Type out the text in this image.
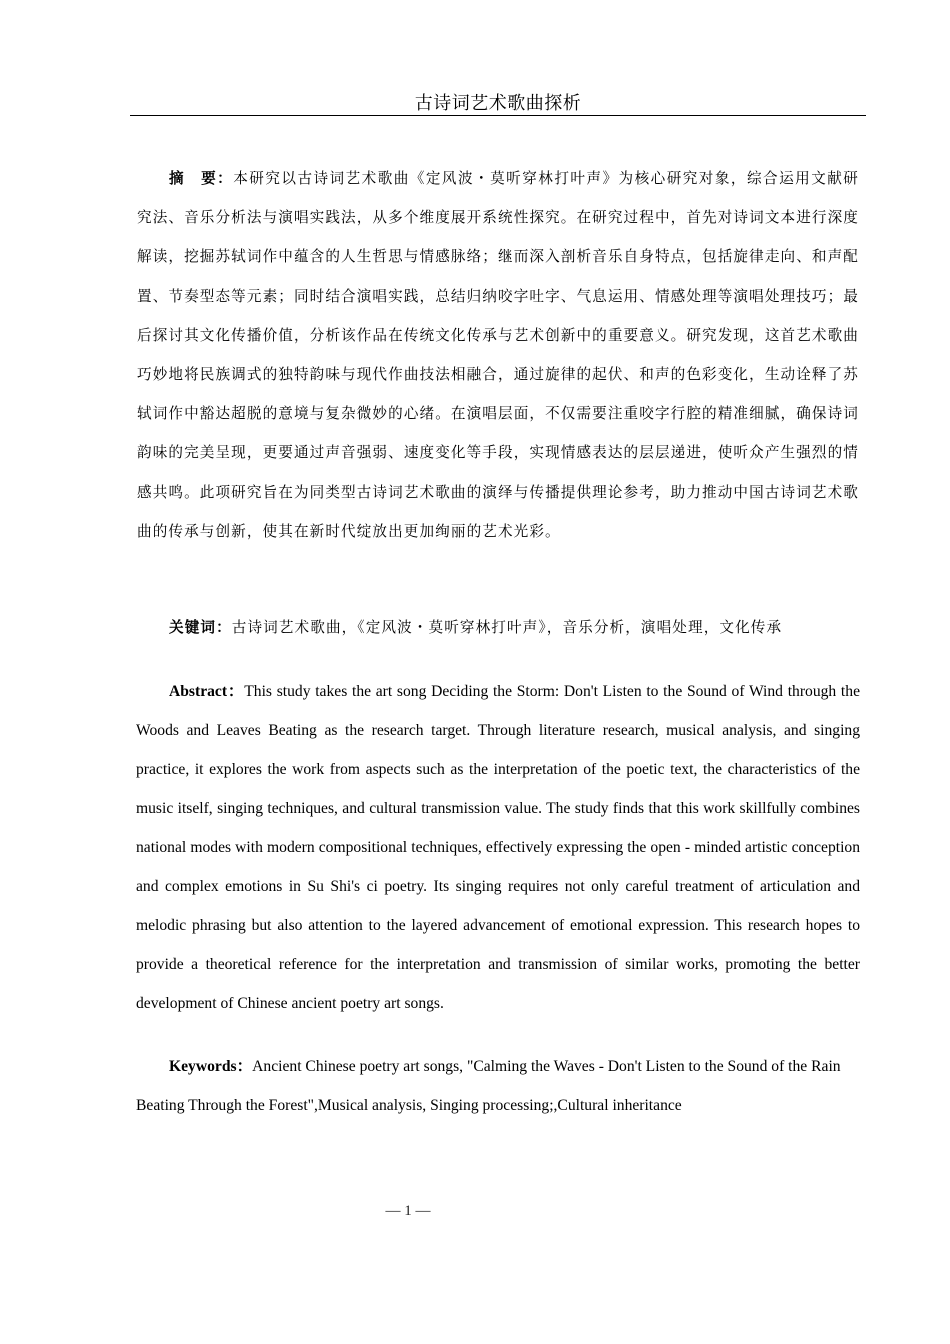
古诗词艺术歌曲探析

摘　要：本研究以古诗词艺术歌曲《定风波・莫听穿林打叶声》为核心研究对象，综合运用文献研究法、音乐分析法与演唱实践法，从多个维度展开系统性探究。在研究过程中，首先对诗词文本进行深度解读，挖掘苏轼词作中蕴含的人生哲思与情感脉络；继而深入剖析音乐自身特点，包括旋律走向、和声配置、节奏型态等元素；同时结合演唱实践，总结归纳咬字吐字、气息运用、情感处理等演唱处理技巧；最后探讨其文化传播价值，分析该作品在传统文化传承与艺术创新中的重要意义。研究发现，这首艺术歌曲巧妙地将民族调式的独特韵味与现代作曲技法相融合，通过旋律的起伏、和声的色彩变化，生动诠释了苏轼词作中豁达超脱的意境与复杂微妙的心绪。在演唱层面，不仅需要注重咬字行腔的精准细腻，确保诗词韵味的完美呈现，更要通过声音强弱、速度变化等手段，实现情感表达的层层递进，使听众产生强烈的情感共鸣。此项研究旨在为同类型古诗词艺术歌曲的演绎与传播提供理论参考，助力推动中国古诗词艺术歌曲的传承与创新，使其在新时代绽放出更加绚丽的艺术光彩。

关键词：古诗词艺术歌曲，《定风波・莫听穿林打叶声》，音乐分析，演唱处理，文化传承

Abstract：This study takes the art song Deciding the Storm: Don't Listen to the Sound of Wind through the Woods and Leaves Beating as the research target. Through literature research, musical analysis, and singing practice, it explores the work from aspects such as the interpretation of the poetic text, the characteristics of the music itself, singing techniques, and cultural transmission value. The study finds that this work skillfully combines national modes with modern compositional techniques, effectively expressing the open - minded artistic conception and complex emotions in Su Shi's ci poetry. Its singing requires not only careful treatment of articulation and melodic phrasing but also attention to the layered advancement of emotional expression. This research hopes to provide a theoretical reference for the interpretation and transmission of similar works, promoting the better development of Chinese ancient poetry art songs.

Keywords：Ancient Chinese poetry art songs, "Calming the Waves - Don't Listen to the Sound of the Rain Beating Through the Forest",Musical analysis, Singing processing;,Cultural inheritance

— 1 —
